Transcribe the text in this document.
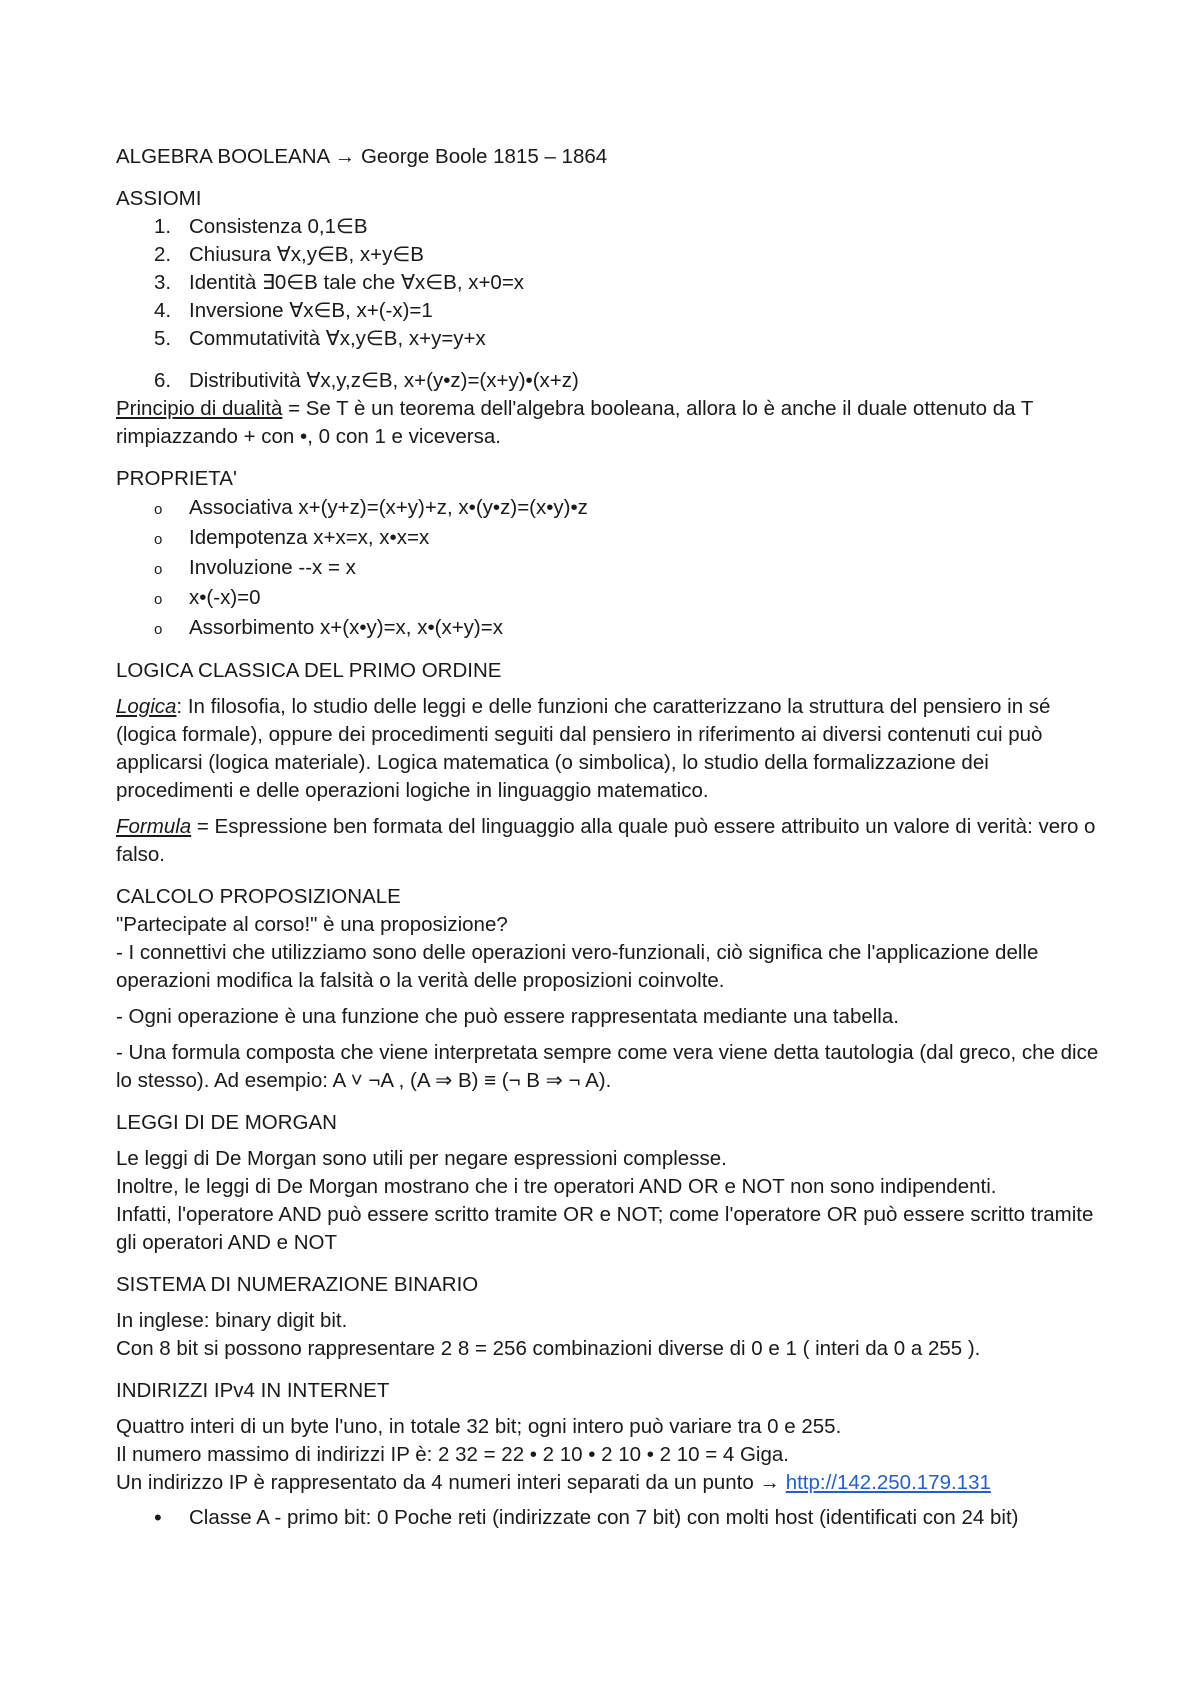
ALGEBRA BOOLEANA → George Boole 1815 – 1864

ASSIOMI

1. Consistenza 0,1∈B
2. Chiusura ∀x,y∈B, x+y∈B
3. Identità ∃0∈B tale che ∀x∈B, x+0=x
4. Inversione ∀x∈B, x+(-x)=1
5. Commutatività ∀x,y∈B, x+y=y+x
6. Distributività ∀x,y,z∈B, x+(y•z)=(x+y)•(x+z)

Principio di dualità = Se T è un teorema dell'algebra booleana, allora lo è anche il duale ottenuto da T rimpiazzando + con •, 0 con 1 e viceversa.

PROPRIETA'

o Associativa x+(y+z)=(x+y)+z, x•(y•z)=(x•y)•z
o Idempotenza x+x=x, x•x=x
o Involuzione --x = x
o x•(-x)=0
o Assorbimento x+(x•y)=x, x•(x+y)=x

LOGICA CLASSICA DEL PRIMO ORDINE

Logica: In filosofia, lo studio delle leggi e delle funzioni che caratterizzano la struttura del pensiero in sé (logica formale), oppure dei procedimenti seguiti dal pensiero in riferimento ai diversi contenuti cui può applicarsi (logica materiale). Logica matematica (o simbolica), lo studio della formalizzazione dei procedimenti e delle operazioni logiche in linguaggio matematico.

Formula = Espressione ben formata del linguaggio alla quale può essere attribuito un valore di verità: vero o falso.

CALCOLO PROPOSIZIONALE

"Partecipate al corso!" è una proposizione?

- I connettivi che utilizziamo sono delle operazioni vero-funzionali, ciò significa che l'applicazione delle operazioni modifica la falsità o la verità delle proposizioni coinvolte.

- Ogni operazione è una funzione che può essere rappresentata mediante una tabella.

- Una formula composta che viene interpretata sempre come vera viene detta tautologia (dal greco, che dice lo stesso). Ad esempio: A ˅ ¬A , (A ⇒ B) ≡ (¬ B ⇒ ¬ A).

LEGGI DI DE MORGAN

Le leggi di De Morgan sono utili per negare espressioni complesse.

Inoltre, le leggi di De Morgan mostrano che i tre operatori AND OR e NOT non sono indipendenti.

Infatti, l'operatore AND può essere scritto tramite OR e NOT; come l'operatore OR può essere scritto tramite gli operatori AND e NOT

SISTEMA DI NUMERAZIONE BINARIO

In inglese: binary digit bit.

Con 8 bit si possono rappresentare 2 8 = 256 combinazioni diverse di 0 e 1 ( interi da 0 a 255 ).

INDIRIZZI IPv4 IN INTERNET

Quattro interi di un byte l'uno, in totale 32 bit; ogni intero può variare tra 0 e 255.

Il numero massimo di indirizzi IP è: 2 32 = 22 • 2 10 • 2 10 • 2 10 = 4 Giga.

Un indirizzo IP è rappresentato da 4 numeri interi separati da un punto → http://142.250.179.131

• Classe A - primo bit: 0 Poche reti (indirizzate con 7 bit) con molti host (identificati con 24 bit)
